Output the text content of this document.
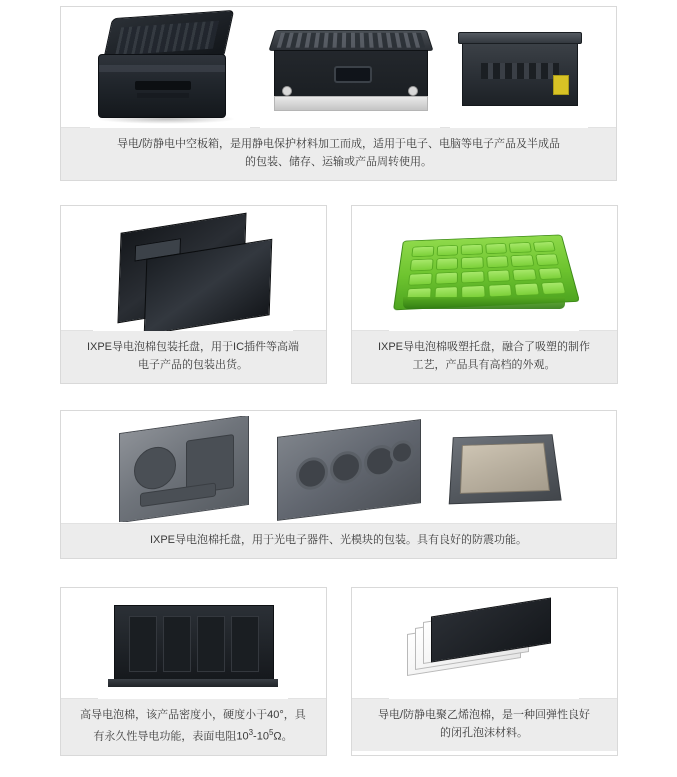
导电/防静电中空板箱，是用静电保护材料加工而成，适用于电子、电脑等电子产品及半成品
的包装、储存、运输或产品周转使用。
IXPE导电泡棉包装托盘，用于IC插件等高端
电子产品的包装出货。
IXPE导电泡棉吸塑托盘，融合了吸塑的制作
工艺，产品具有高档的外观。
IXPE导电泡棉托盘，用于光电子器件、光模块的包装。具有良好的防震功能。
高导电泡棉，该产品密度小，硬度小于40°，具
有永久性导电功能，表面电阻$10^3-10^5\Omega$。
导电/防静电聚乙烯泡棉，是一种回弹性良好
的闭孔泡沫材料。
